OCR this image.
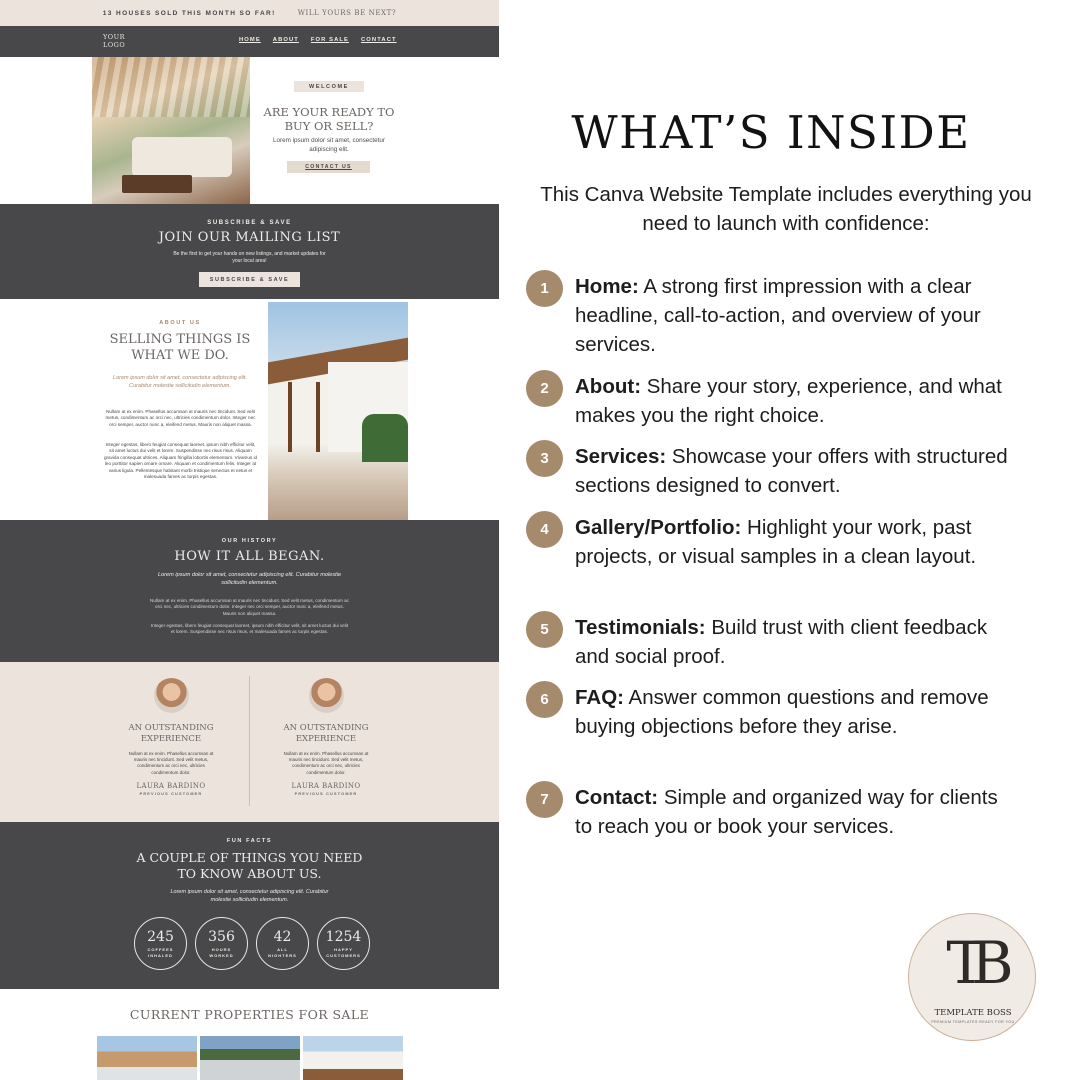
13 HOUSES SOLD THIS MONTH SO FAR!	WILL YOURS BE NEXT?
YOUR LOGO
HOME ABOUT FOR SALE CONTACT
WELCOME
ARE YOUR READY TO BUY OR SELL?
Lorem ipsum dolor sit amet, consectetur adipiscing elit.
CONTACT US
SUBSCRIBE & SAVE
JOIN OUR MAILING LIST
Be the first to get your hands on new listings, and market updates for your local area!
SUBSCRIBE & SAVE
ABOUT US
SELLING THINGS IS WHAT WE DO.
Lorem ipsum dolor sit amet, consectetur adipiscing elit. Curabitur molestie sollicitudin elementum.
Nullam at ex enim. Phasellus accumsan at mauris nec tincidunt. Sed velit metus, condimentum ac orci nec, ultricies condimentum dolor. Integer nec orci semper, auctor nunc a, eleifend metus. Mauris non aliquet massa.
Integer egestas, libero feugiat consequat laoreet, ipsum nibh efficitur velit, sit amet luctus dui velit et lorem. Suspendisse nec risus risus. Aliquam gravida consequat ultrices. Aliquam fringilla lobortis elementum. Vivamus id leo porttitor sapien ornare ornare. Aliquam et condimentum felis. Integer at varius ligula. Pellentesque habitant morbi tristique senectus et netus et malesuada fames ac turpis egestas.
OUR HISTORY
HOW IT ALL BEGAN.
Lorem ipsum dolor sit amet, consectetur adipiscing elit. Curabitur molestie sollicitudin elementum.
Nullam at ex enim. Phasellus accumsan at mauris nec tincidunt. Sed velit metus, condimentum ac orci nec, ultricies condimentum dolor. Integer nec orci semper, auctor nunc a, eleifend metus. Mauris non aliquet massa.
Integer egestas, libero feugiat consequat laoreet, ipsum nibh efficitur velit, sit amet luctus dui velit et lorem. Suspendisse nec risus risus, et malesuada fames ac turpis egestas.
AN OUTSTANDING EXPERIENCE
Nullam at ex enim. Phasellus accumsan at mauris nec tincidunt. Sed velit metus, condimentum ac orci nec, ultricies condimentum dolor.
LAURA BARDINO
PREVIOUS CUSTOMER
AN OUTSTANDING EXPERIENCE
Nullam at ex enim. Phasellus accumsan at mauris nec tincidunt. Sed velit metus, condimentum ac orci nec, ultricies condimentum dolor.
LAURA BARDINO
PREVIOUS CUSTOMER
FUN FACTS
A COUPLE OF THINGS YOU NEED TO KNOW ABOUT US.
Lorem ipsum dolor sit amet, consectetur adipiscing elit. Curabitur molestie sollicitudin elementum.
245
COFFEES INHALED
356
HOURS WORKED
42
ALL NIGHTERS
1254
HAPPY CUSTOMERS
CURRENT PROPERTIES FOR SALE
WHAT’S INSIDE

This Canva Website Template includes everything you need to launch with confidence:

1	Home: A strong first impression with a clear headline, call-to-action, and overview of your services.
2	About: Share your story, experience, and what makes you the right choice.
3	Services: Showcase your offers with structured sections designed to convert.
4	Gallery/Portfolio: Highlight your work, past projects, or visual samples in a clean layout.
5	Testimonials: Build trust with client feedback and social proof.
6	FAQ: Answer common questions and remove buying objections before they arise.
7	Contact: Simple and organized way for clients to reach you or book your services.
TB
TEMPLATE BOSS
PREMIUM TEMPLATES READY FOR YOU
